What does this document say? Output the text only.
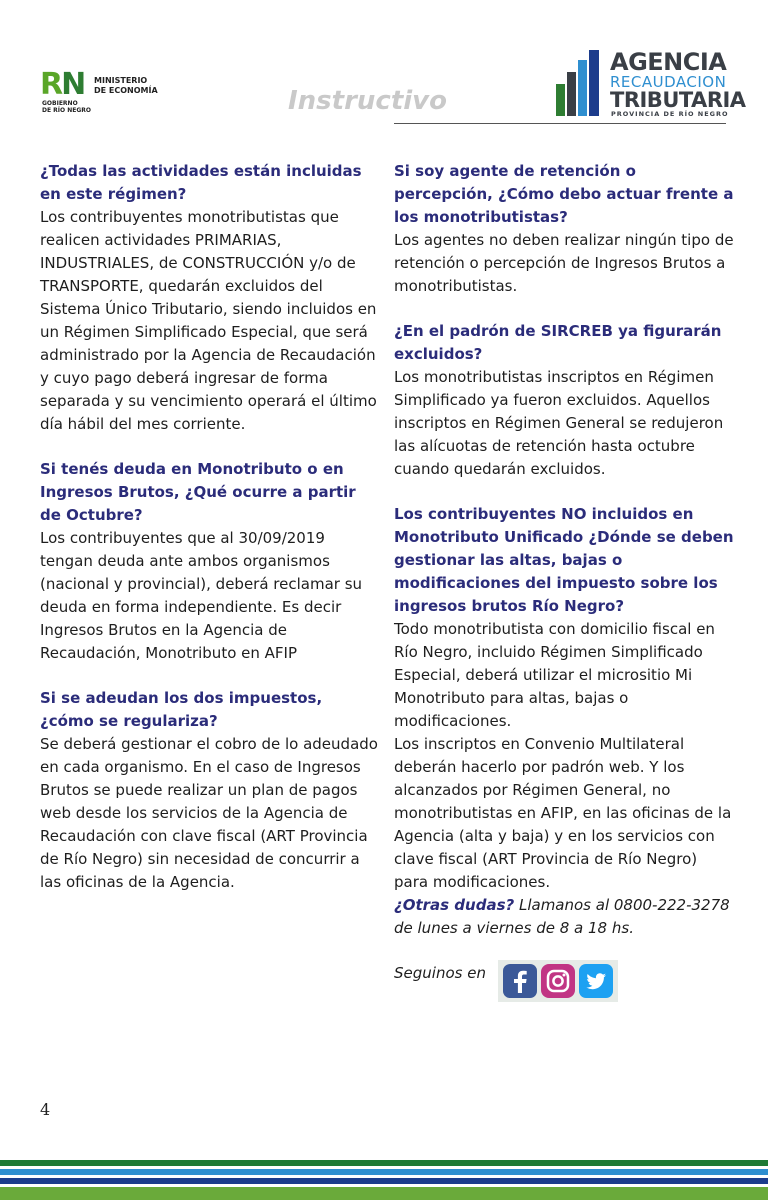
RN MINISTERIO
DE ECONOMÍA
GOBIERNO
DE RÍO NEGRO	Instructivo
AGENCIA
RECAUDACION
TRIBUTARIA
PROVINCIA DE RÍO NEGRO

¿Todas las actividades están incluidas en este régimen?

Los contribuyentes monotributistas que realicen actividades PRIMARIAS, INDUSTRIALES, de CONSTRUCCIÓN y/o de TRANSPORTE, quedarán excluidos del Sistema Único Tributario, siendo incluidos en un Régimen Simplificado Especial, que será administrado por la Agencia de Recaudación y cuyo pago deberá ingresar de forma separada y su vencimiento operará el último día hábil del mes corriente.

Si tenés deuda en Monotributo o en Ingresos Brutos, ¿Qué ocurre a partir de Octubre?

Los contribuyentes que al 30/09/2019 tengan deuda ante ambos organismos (nacional y provincial), deberá reclamar su deuda en forma independiente. Es decir Ingresos Brutos en la Agencia de Recaudación, Monotributo en AFIP

Si se adeudan los dos impuestos, ¿cómo se regulariza?

Se deberá gestionar el cobro de lo adeudado en cada organismo. En el caso de Ingresos Brutos se puede realizar un plan de pagos web desde los servicios de la Agencia de Recaudación con clave fiscal (ART Provincia de Río Negro) sin necesidad de concurrir a las oficinas de la Agencia.

Si soy agente de retención o percepción, ¿Cómo debo actuar frente a los monotributistas?

Los agentes no deben realizar ningún tipo de retención o percepción de Ingresos Brutos a monotributistas.

¿En el padrón de SIRCREB ya figurarán excluidos?

Los monotributistas inscriptos en Régimen Simplificado ya fueron excluidos. Aquellos inscriptos en Régimen General se redujeron las alícuotas de retención hasta octubre cuando quedarán excluidos.

Los contribuyentes NO incluidos en Monotributo Unificado ¿Dónde se deben gestionar las altas, bajas o modificaciones del impuesto sobre los ingresos brutos Río Negro?

Todo monotributista con domicilio fiscal en Río Negro, incluido Régimen Simplificado Especial, deberá utilizar el micrositio Mi Monotributo para altas, bajas o modificaciones.

Los inscriptos en Convenio Multilateral deberán hacerlo por padrón web. Y los alcanzados por Régimen General, no monotributistas en AFIP, en las oficinas de la Agencia (alta y baja) y en los servicios con clave fiscal (ART Provincia de Río Negro) para modificaciones.

¿Otras dudas? Llamanos al 0800-222-3278 de lunes a viernes de 8 a 18 hs.

Seguinos en
4
